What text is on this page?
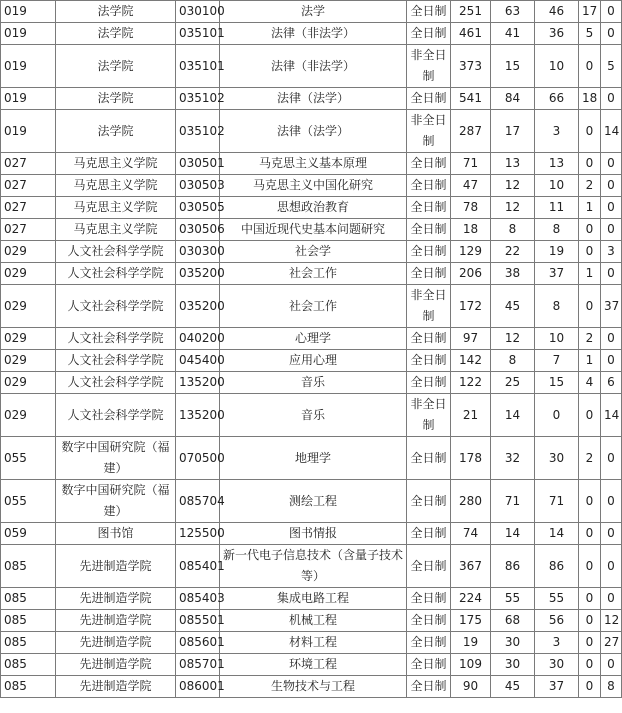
019	法学院	030100	法学	全日制	251	63	46	17	0
019	法学院	035101	法律（非法学）	全日制	461	41	36	5	0
019	法学院	035101	法律（非法学）	非全日制	373	15	10	0	5
019	法学院	035102	法律（法学）	全日制	541	84	66	18	0
019	法学院	035102	法律（法学）	非全日制	287	17	3	0	14
027	马克思主义学院	030501	马克思主义基本原理	全日制	71	13	13	0	0
027	马克思主义学院	030503	马克思主义中国化研究	全日制	47	12	10	2	0
027	马克思主义学院	030505	思想政治教育	全日制	78	12	11	1	0
027	马克思主义学院	030506	中国近现代史基本问题研究	全日制	18	8	8	0	0
029	人文社会科学学院	030300	社会学	全日制	129	22	19	0	3
029	人文社会科学学院	035200	社会工作	全日制	206	38	37	1	0
029	人文社会科学学院	035200	社会工作	非全日制	172	45	8	0	37
029	人文社会科学学院	040200	心理学	全日制	97	12	10	2	0
029	人文社会科学学院	045400	应用心理	全日制	142	8	7	1	0
029	人文社会科学学院	135200	音乐	全日制	122	25	15	4	6
029	人文社会科学学院	135200	音乐	非全日制	21	14	0	0	14
055	数字中国研究院（福建）	070500	地理学	全日制	178	32	30	2	0
055	数字中国研究院（福建）	085704	测绘工程	全日制	280	71	71	0	0
059	图书馆	125500	图书情报	全日制	74	14	14	0	0
085	先进制造学院	085401	新一代电子信息技术（含量子技术等）	全日制	367	86	86	0	0
085	先进制造学院	085403	集成电路工程	全日制	224	55	55	0	0
085	先进制造学院	085501	机械工程	全日制	175	68	56	0	12
085	先进制造学院	085601	材料工程	全日制	19	30	3	0	27
085	先进制造学院	085701	环境工程	全日制	109	30	30	0	0
085	先进制造学院	086001	生物技术与工程	全日制	90	45	37	0	8
